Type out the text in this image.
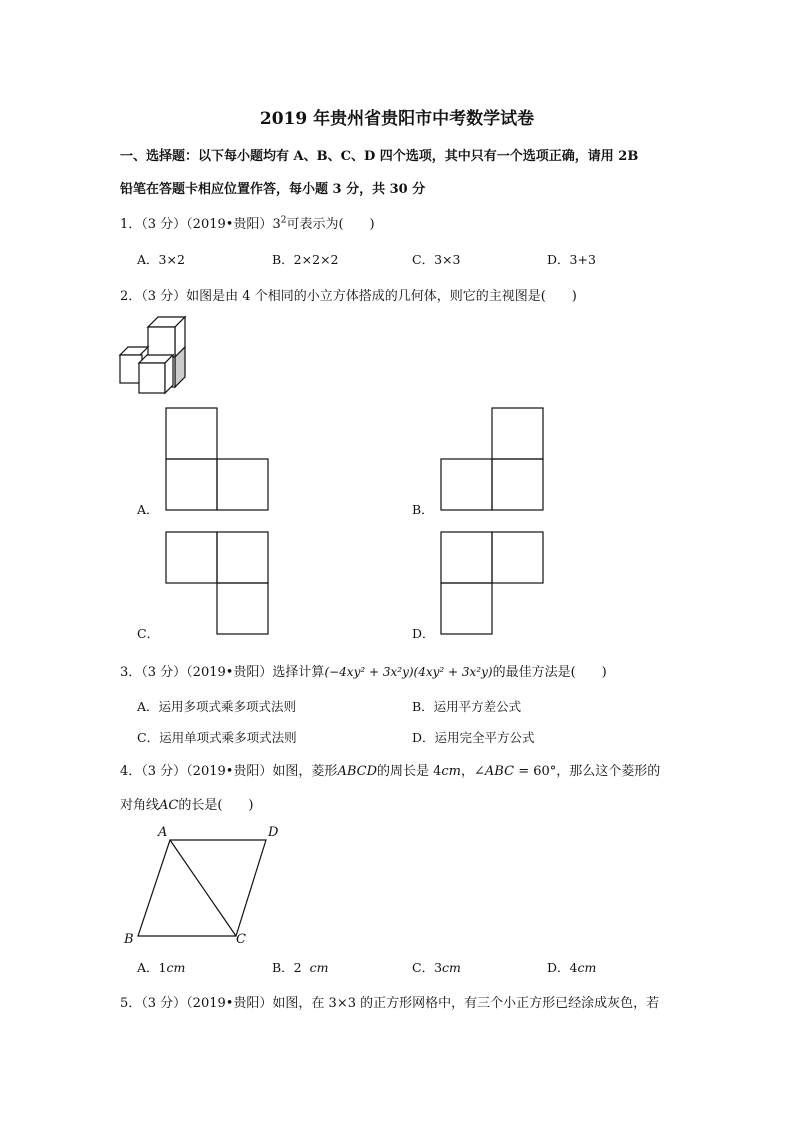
2019 年贵州省贵阳市中考数学试卷
一、选择题：以下每小题均有 A、B、C、D 四个选项，其中只有一个选项正确，请用 2B
铅笔在答题卡相应位置作答，每小题 3 分，共 30 分
1．（3 分）（2019•贵阳）$3^2$可表示为(　　)
A．3×2	B．2×2×2	C．3×3	D．3+3
2．（3 分）如图是由 4 个相同的小立方体搭成的几何体，则它的主视图是(　　)
A．	B．
C．	D．
3．（3 分）（2019•贵阳）选择计算(−4xy² + 3x²y)(4xy² + 3x²y)的最佳方法是(　　)
A．运用多项式乘多项式法则	B．运用平方差公式
C．运用单项式乘多项式法则	D．运用完全平方公式
4．（3 分）（2019•贵阳）如图，菱形ABCD的周长是 4cm，∠ABC = 60°，那么这个菱形的
对角线AC的长是(　　)
A	D
B	C
A．1cm	B．2  cm	C．3cm	D．4cm
5．（3 分）（2019•贵阳）如图，在 3×3 的正方形网格中，有三个小正方形已经涂成灰色，若
